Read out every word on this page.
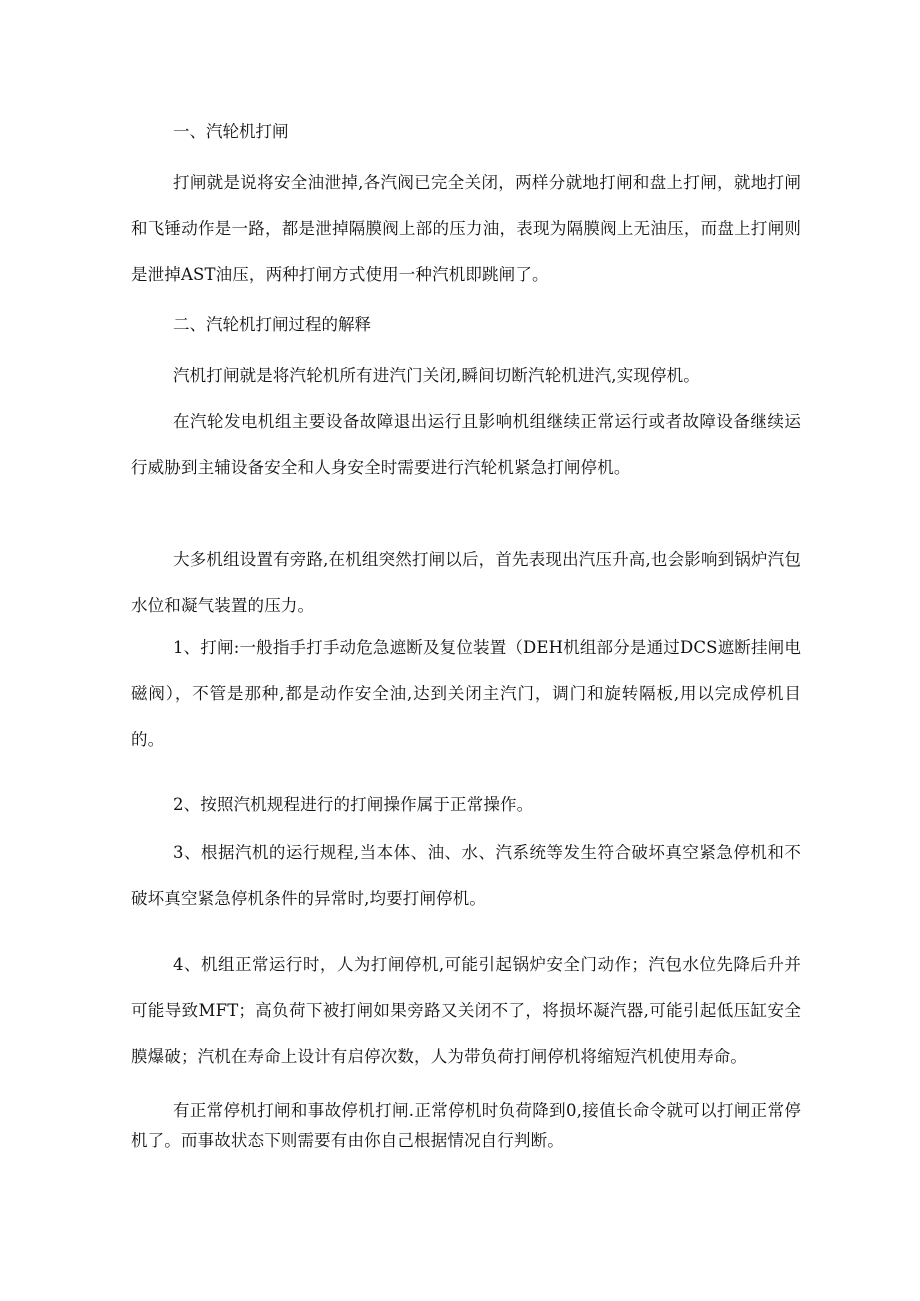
一、汽轮机打闸

打闸就是说将安全油泄掉,各汽阀已完全关闭，两样分就地打闸和盘上打闸，就地打闸和飞锤动作是一路，都是泄掉隔膜阀上部的压力油，表现为隔膜阀上无油压，而盘上打闸则是泄掉AST油压，两种打闸方式使用一种汽机即跳闸了。

二、汽轮机打闸过程的解释

汽机打闸就是将汽轮机所有进汽门关闭,瞬间切断汽轮机进汽,实现停机。

在汽轮发电机组主要设备故障退出运行且影响机组继续正常运行或者故障设备继续运行威胁到主辅设备安全和人身安全时需要进行汽轮机紧急打闸停机。

大多机组设置有旁路,在机组突然打闸以后，首先表现出汽压升高,也会影响到锅炉汽包水位和凝气装置的压力。

1、打闸:一般指手打手动危急遮断及复位装置（DEH机组部分是通过DCS遮断挂闸电磁阀），不管是那种,都是动作安全油,达到关闭主汽门，调门和旋转隔板,用以完成停机目的。

2、按照汽机规程进行的打闸操作属于正常操作。

3、根据汽机的运行规程,当本体、油、水、汽系统等发生符合破坏真空紧急停机和不破坏真空紧急停机条件的异常时,均要打闸停机。

4、机组正常运行时，人为打闸停机,可能引起锅炉安全门动作；汽包水位先降后升并可能导致MFT；高负荷下被打闸如果旁路又关闭不了，将损坏凝汽器,可能引起低压缸安全膜爆破；汽机在寿命上设计有启停次数，人为带负荷打闸停机将缩短汽机使用寿命。

有正常停机打闸和事故停机打闸.正常停机时负荷降到0,接值长命令就可以打闸正常停机了。而事故状态下则需要有由你自己根据情况自行判断。
